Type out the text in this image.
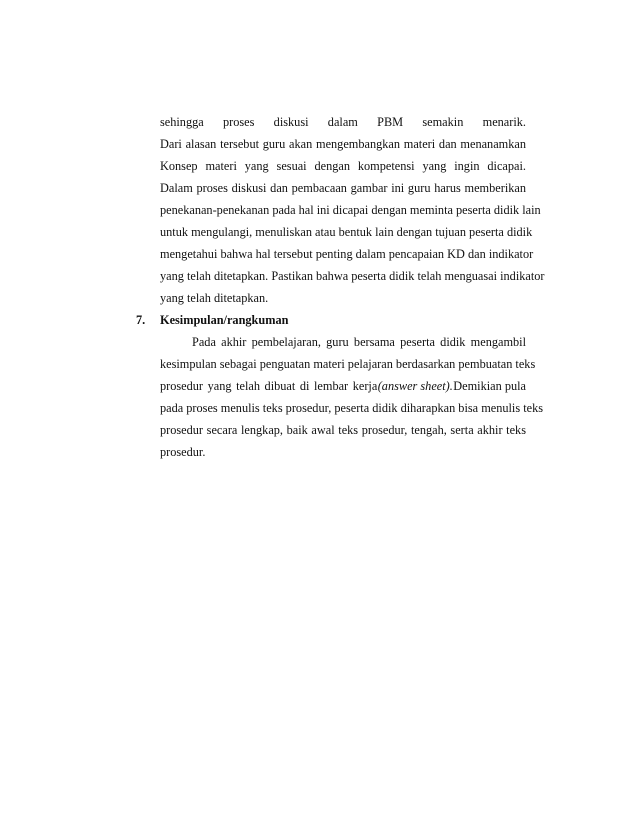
sehingga proses diskusi dalam PBM semakin menarik.
Dari alasan tersebut guru akan mengembangkan materi dan menanamkan
Konsep materi yang sesuai dengan kompetensi yang ingin dicapai.
Dalam proses diskusi dan pembacaan gambar ini guru harus memberikan
penekanan-penekanan pada hal ini dicapai dengan meminta peserta didik lain
untuk mengulangi, menuliskan atau bentuk lain dengan tujuan peserta didik
mengetahui bahwa hal tersebut penting dalam pencapaian KD dan indikator
yang telah ditetapkan. Pastikan bahwa peserta didik telah menguasai indikator
yang telah ditetapkan.
7. Kesimpulan/rangkuman
Pada akhir pembelajaran, guru bersama peserta didik mengambil
kesimpulan sebagai penguatan materi pelajaran berdasarkan pembuatan teks
prosedur yang telah dibuat di lembar kerja (answer sheet). Demikian pula
pada proses menulis teks prosedur, peserta didik diharapkan bisa menulis teks
prosedur secara lengkap, baik awal teks prosedur, tengah, serta akhir teks
prosedur.
